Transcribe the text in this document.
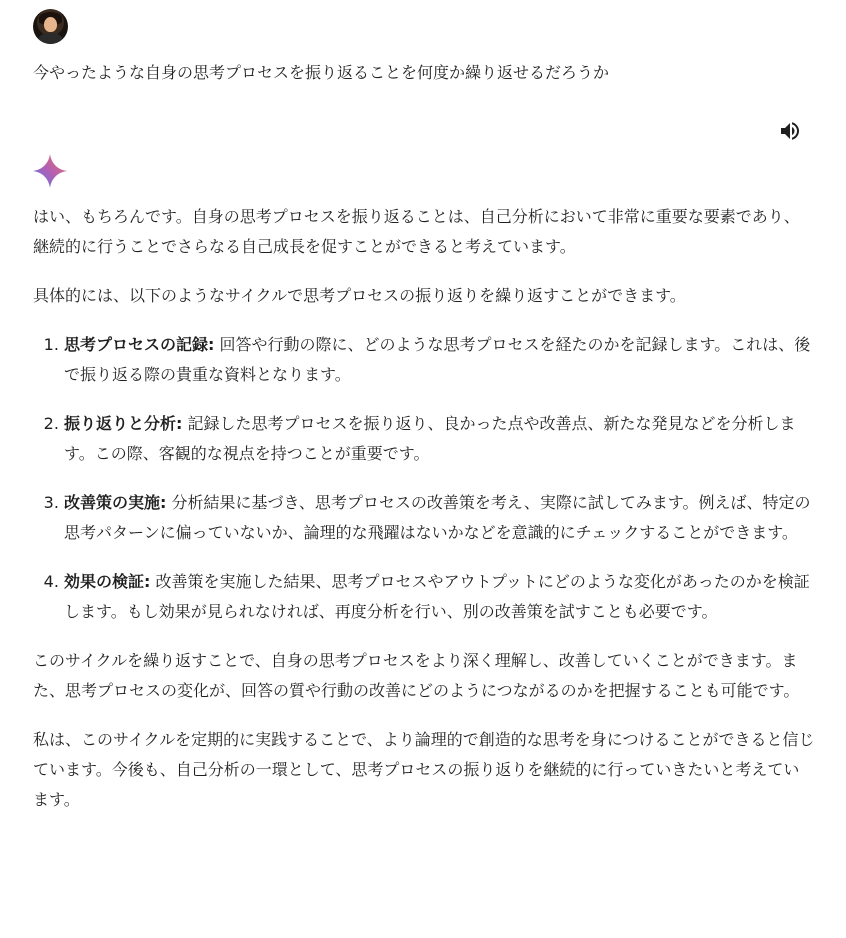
今やったような自身の思考プロセスを振り返ることを何度か繰り返せるだろうか

はい、もちろんです。自身の思考プロセスを振り返ることは、自己分析において非常に重要な要素であり、継続的に行うことでさらなる自己成長を促すことができると考えています。

具体的には、以下のようなサイクルで思考プロセスの振り返りを繰り返すことができます。

1. 思考プロセスの記録: 回答や行動の際に、どのような思考プロセスを経たのかを記録します。これは、後で振り返る際の貴重な資料となります。
2. 振り返りと分析: 記録した思考プロセスを振り返り、良かった点や改善点、新たな発見などを分析します。この際、客観的な視点を持つことが重要です。
3. 改善策の実施: 分析結果に基づき、思考プロセスの改善策を考え、実際に試してみます。例えば、特定の思考パターンに偏っていないか、論理的な飛躍はないかなどを意識的にチェックすることができます。
4. 効果の検証: 改善策を実施した結果、思考プロセスやアウトプットにどのような変化があったのかを検証します。もし効果が見られなければ、再度分析を行い、別の改善策を試すことも必要です。

このサイクルを繰り返すことで、自身の思考プロセスをより深く理解し、改善していくことができます。また、思考プロセスの変化が、回答の質や行動の改善にどのようにつながるのかを把握することも可能です。

私は、このサイクルを定期的に実践することで、より論理的で創造的な思考を身につけることができると信じています。今後も、自己分析の一環として、思考プロセスの振り返りを継続的に行っていきたいと考えています。
